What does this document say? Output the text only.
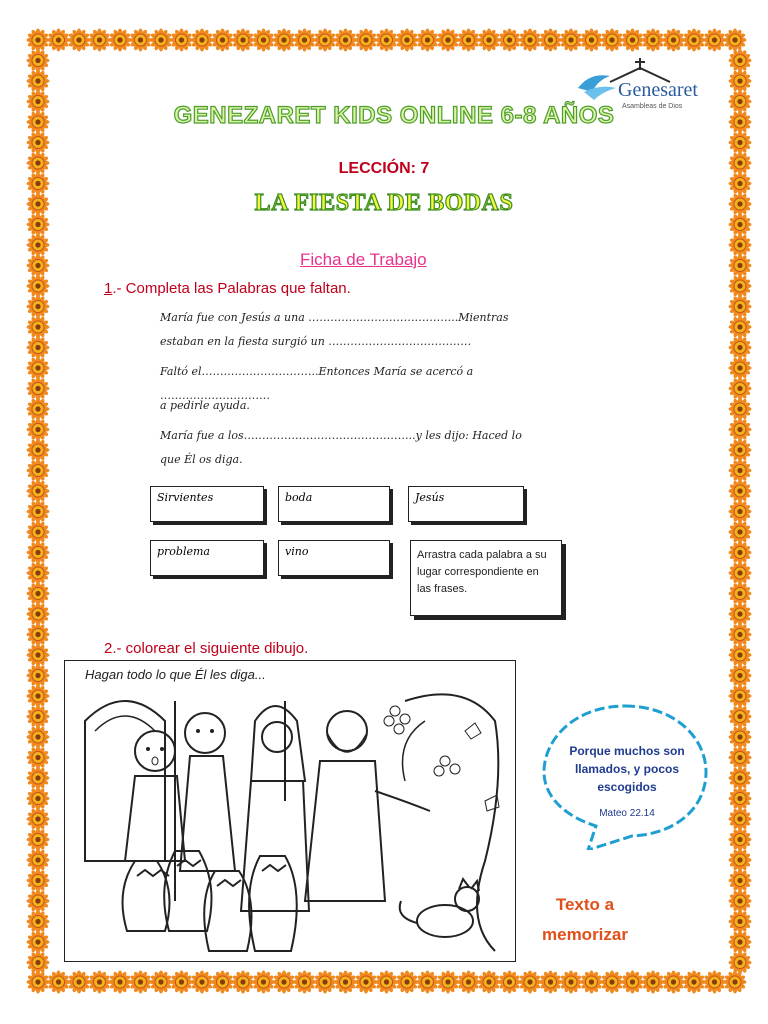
Genesaret
Asambleas de Dios
GENEZARET KIDS ONLINE 6-8 AÑOS
LECCIÓN: 7
LA FIESTA DE BODAS
Ficha de Trabajo
1.- Completa las Palabras que faltan.
María fue con Jesús a una …………………………………..Mientras estaban en la fiesta surgió un …………………………………
Faltó el…………………………..Entonces María se acercó a …………………………
a pedirle ayuda.
María fue a los………………………………………..y les dijo: Haced lo que Él os diga.
Sirvientes	boda	Jesús
problema	vino	Arrastra cada palabra a su lugar correspondiente en las frases.
2.- colorear el siguiente dibujo.
Hagan todo lo que Él les diga...
Porque muchos son llamados, y pocos escogidos
Mateo 22.14
Texto a memorizar
